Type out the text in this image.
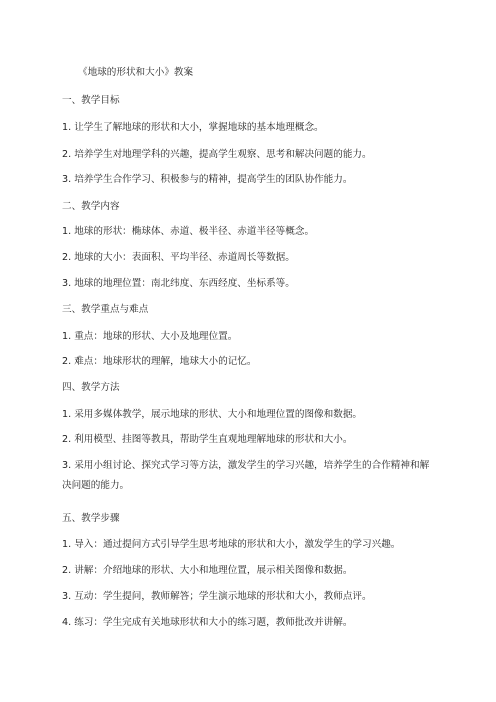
《地球的形状和大小》教案
一、教学目标
1. 让学生了解地球的形状和大小，掌握地球的基本地理概念。
2. 培养学生对地理学科的兴趣，提高学生观察、思考和解决问题的能力。
3. 培养学生合作学习、积极参与的精神，提高学生的团队协作能力。
二、教学内容
1. 地球的形状：椭球体、赤道、极半径、赤道半径等概念。
2. 地球的大小：表面积、平均半径、赤道周长等数据。
3. 地球的地理位置：南北纬度、东西经度、坐标系等。
三、教学重点与难点
1. 重点：地球的形状、大小及地理位置。
2. 难点：地球形状的理解，地球大小的记忆。
四、教学方法
1. 采用多媒体教学，展示地球的形状、大小和地理位置的图像和数据。
2. 利用模型、挂图等教具，帮助学生直观地理解地球的形状和大小。
3. 采用小组讨论、探究式学习等方法，激发学生的学习兴趣，培养学生的合作精神和解决问题的能力。
五、教学步骤
1. 导入：通过提问方式引导学生思考地球的形状和大小，激发学生的学习兴趣。
2. 讲解：介绍地球的形状、大小和地理位置，展示相关图像和数据。
3. 互动：学生提问，教师解答；学生演示地球的形状和大小，教师点评。
4. 练习：学生完成有关地球形状和大小的练习题，教师批改并讲解。
